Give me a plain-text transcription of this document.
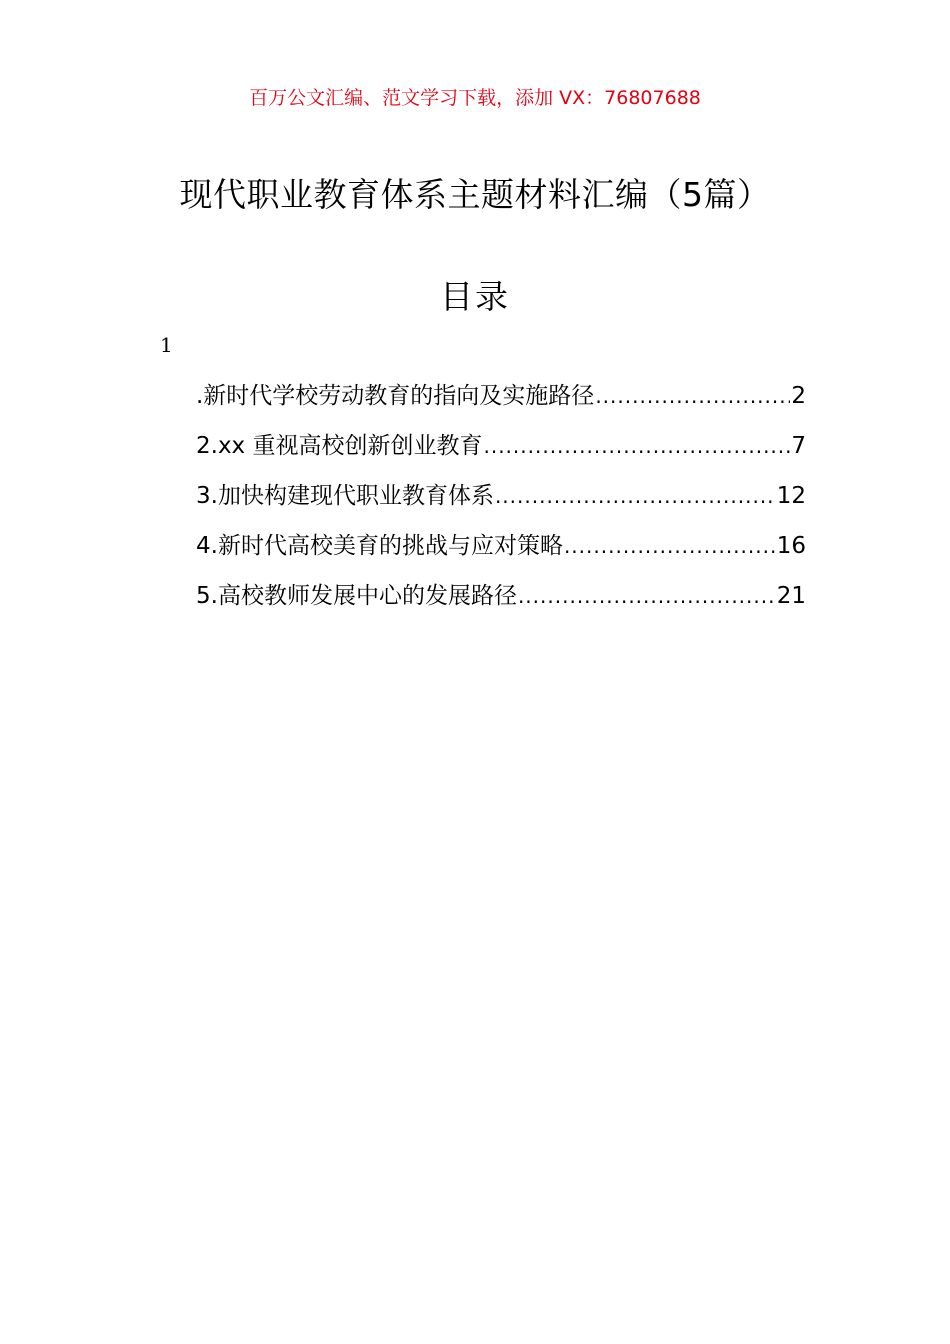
百万公文汇编、范文学习下载，添加 VX：76807688
现代职业教育体系主题材料汇编（5篇）
目录
1
.新时代学校劳动教育的指向及实施路径 .....	2
2.xx 重视高校创新创业教育 .....	7
3.加快构建现代职业教育体系 .....	12
4.新时代高校美育的挑战与应对策略 .....	16
5.高校教师发展中心的发展路径 .....	21
